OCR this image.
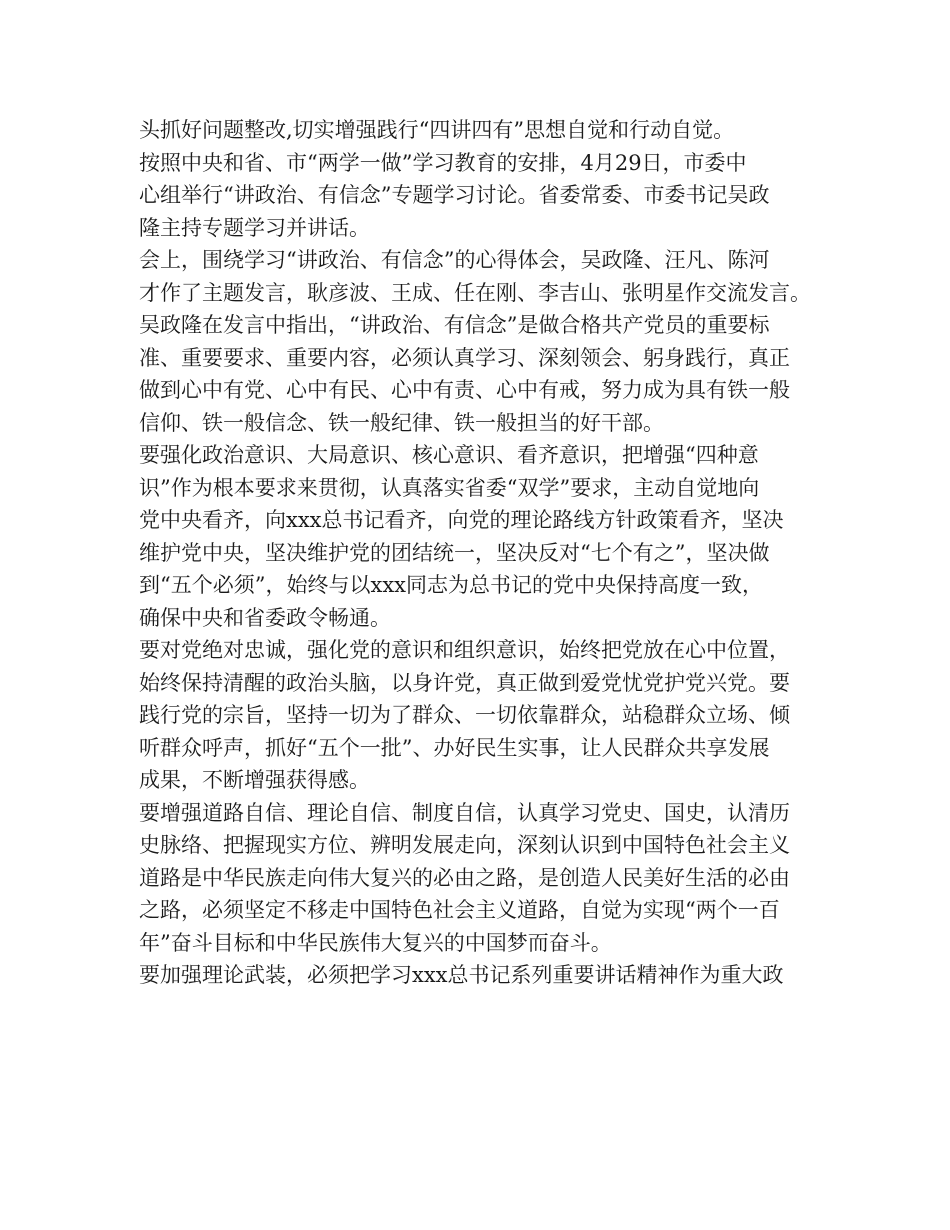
头抓好问题整改,切实增强践行“四讲四有”思想自觉和行动自觉。
按照中央和省、市“两学一做”学习教育的安排，4月29日，市委中
心组举行“讲政治、有信念”专题学习讨论。省委常委、市委书记吴政
隆主持专题学习并讲话。
会上，围绕学习“讲政治、有信念”的心得体会，吴政隆、汪凡、陈河
才作了主题发言，耿彦波、王成、任在刚、李吉山、张明星作交流发言。
吴政隆在发言中指出，“讲政治、有信念”是做合格共产党员的重要标
准、重要要求、重要内容，必须认真学习、深刻领会、躬身践行，真正
做到心中有党、心中有民、心中有责、心中有戒，努力成为具有铁一般
信仰、铁一般信念、铁一般纪律、铁一般担当的好干部。
要强化政治意识、大局意识、核心意识、看齐意识，把增强“四种意
识”作为根本要求来贯彻，认真落实省委“双学”要求，主动自觉地向
党中央看齐，向xxx总书记看齐，向党的理论路线方针政策看齐，坚决
维护党中央，坚决维护党的团结统一，坚决反对“七个有之”，坚决做
到“五个必须”，始终与以xxx同志为总书记的党中央保持高度一致，
确保中央和省委政令畅通。
要对党绝对忠诚，强化党的意识和组织意识，始终把党放在心中位置，
始终保持清醒的政治头脑，以身许党，真正做到爱党忧党护党兴党。要
践行党的宗旨，坚持一切为了群众、一切依靠群众，站稳群众立场、倾
听群众呼声，抓好“五个一批”、办好民生实事，让人民群众共享发展
成果，不断增强获得感。
要增强道路自信、理论自信、制度自信，认真学习党史、国史，认清历
史脉络、把握现实方位、辨明发展走向，深刻认识到中国特色社会主义
道路是中华民族走向伟大复兴的必由之路，是创造人民美好生活的必由
之路，必须坚定不移走中国特色社会主义道路，自觉为实现“两个一百
年”奋斗目标和中华民族伟大复兴的中国梦而奋斗。
要加强理论武装，必须把学习xxx总书记系列重要讲话精神作为重大政
